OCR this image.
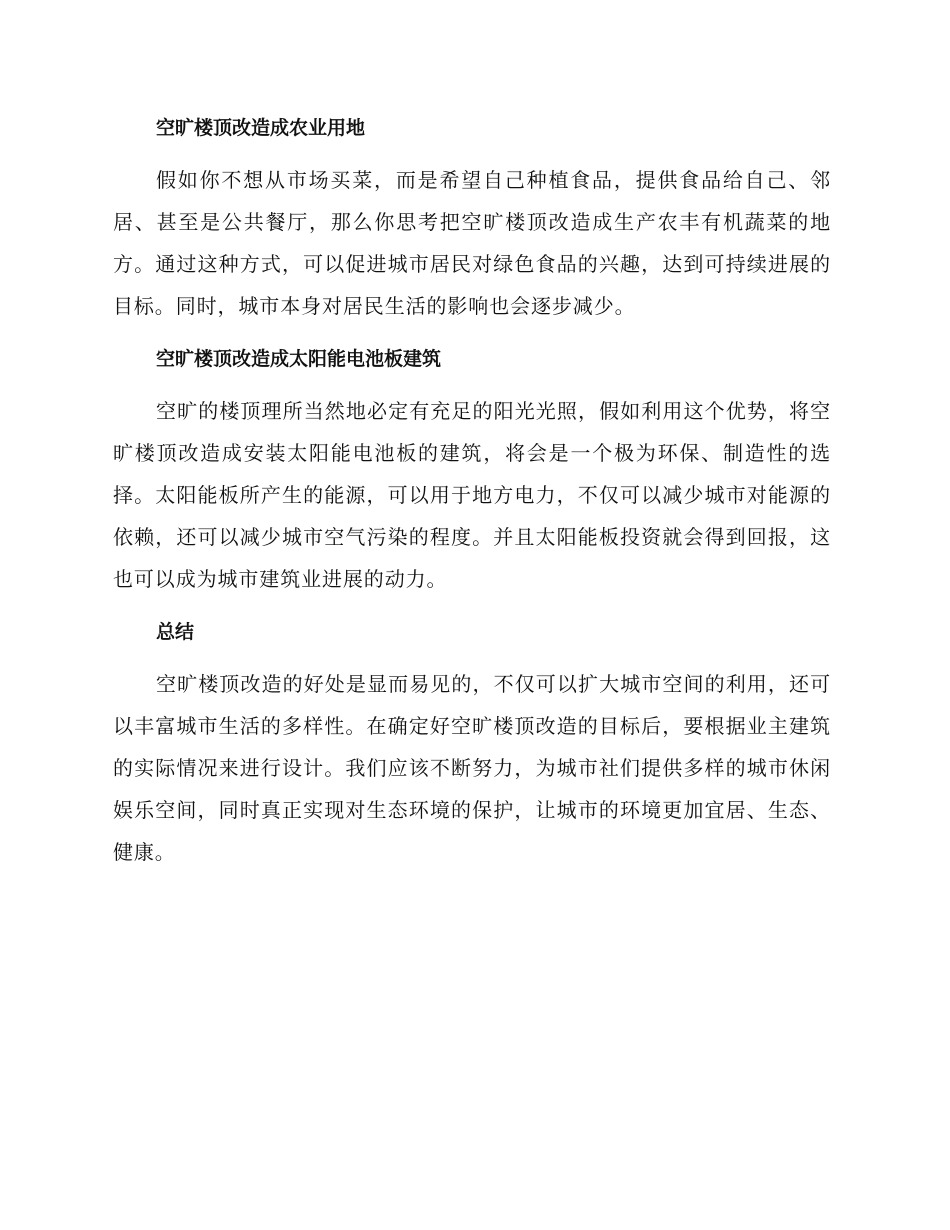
空旷楼顶改造成农业用地

假如你不想从市场买菜，而是希望自己种植食品，提供食品给自己、邻居、甚至是公共餐厅，那么你思考把空旷楼顶改造成生产农丰有机蔬菜的地方。通过这种方式，可以促进城市居民对绿色食品的兴趣，达到可持续进展的目标。同时，城市本身对居民生活的影响也会逐步减少。

空旷楼顶改造成太阳能电池板建筑

空旷的楼顶理所当然地必定有充足的阳光光照，假如利用这个优势，将空旷楼顶改造成安装太阳能电池板的建筑，将会是一个极为环保、制造性的选择。太阳能板所产生的能源，可以用于地方电力，不仅可以减少城市对能源的依赖，还可以减少城市空气污染的程度。并且太阳能板投资就会得到回报，这也可以成为城市建筑业进展的动力。

总结

空旷楼顶改造的好处是显而易见的，不仅可以扩大城市空间的利用，还可以丰富城市生活的多样性。在确定好空旷楼顶改造的目标后，要根据业主建筑的实际情况来进行设计。我们应该不断努力，为城市社们提供多样的城市休闲娱乐空间，同时真正实现对生态环境的保护，让城市的环境更加宜居、生态、健康。
